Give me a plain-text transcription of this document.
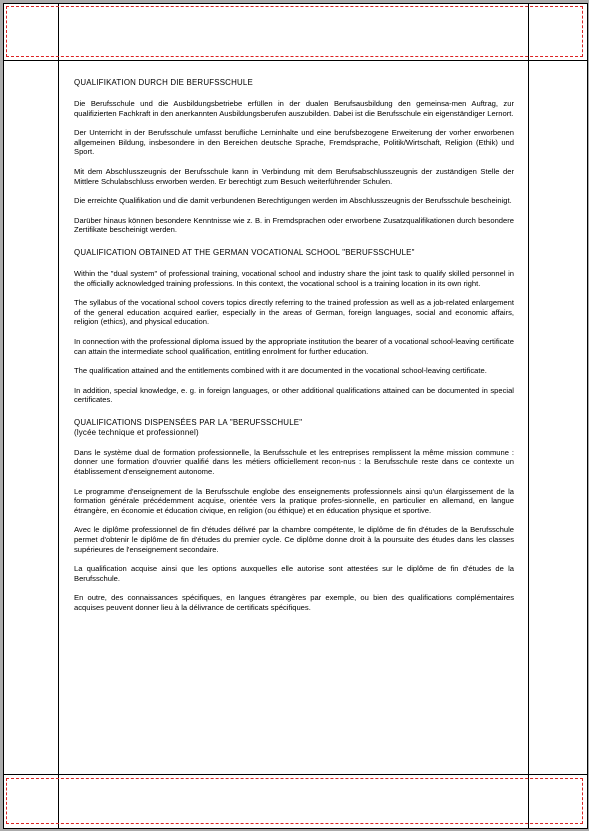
QUALIFIKATION DURCH DIE BERUFSSCHULE

Die Berufsschule und die Ausbildungsbetriebe erfüllen in der dualen Berufsausbildung den gemeinsa-men Auftrag, zur qualifizierten Fachkraft in den anerkannten Ausbildungsberufen auszubilden. Dabei ist die Berufsschule ein eigenständiger Lernort.

Der Unterricht in der Berufsschule umfasst berufliche Lerninhalte und eine berufsbezogene Erweiterung der vorher erworbenen allgemeinen Bildung, insbesondere in den Bereichen deutsche Sprache, Fremdsprache, Politik/Wirtschaft, Religion (Ethik) und Sport.

Mit dem Abschlusszeugnis der Berufsschule kann in Verbindung mit dem Berufsabschlusszeugnis der zuständigen Stelle der Mittlere Schulabschluss erworben werden. Er berechtigt zum Besuch weiterführender Schulen.

Die erreichte Qualifikation und die damit verbundenen Berechtigungen werden im Abschlusszeugnis der Berufsschule bescheinigt.

Darüber hinaus können besondere Kenntnisse wie z. B. in Fremdsprachen oder erworbene Zusatzqualifikationen durch besondere Zertifikate bescheinigt werden.

QUALIFICATION OBTAINED AT THE GERMAN VOCATIONAL SCHOOL "BERUFSSCHULE"

Within the "dual system" of professional training, vocational school and industry share the joint task to qualify skilled personnel in the officially acknowledged training professions. In this context, the vocational school is a training location in its own right.

The syllabus of the vocational school covers topics directly referring to the trained profession as well as a job-related enlargement of the general education acquired earlier, especially in the areas of German, foreign languages, social and economic affairs, religion (ethics), and physical education.

In connection with the professional diploma issued by the appropriate institution the bearer of a vocational school-leaving certificate can attain the intermediate school qualification, entitling enrolment for further education.

The qualification attained and the entitlements combined with it are documented in the vocational school-leaving certificate.

In addition, special knowledge, e. g. in foreign languages, or other additional qualifications attained can be documented in special certificates.

QUALIFICATIONS DISPENSÉES PAR LA "BERUFSSCHULE"
(lycée technique et professionnel)

Dans le système dual de formation professionnelle, la Berufsschule et les entreprises remplissent la même mission commune : donner une formation d'ouvrier qualifié dans les métiers officiellement recon-nus : la Berufsschule reste dans ce contexte un établissement d'enseignement autonome.

Le programme d'enseignement de la Berufsschule englobe des enseignements professionnels ainsi qu'un élargissement de la formation générale précédemment acquise, orientée vers la pratique profes-sionnelle, en particulier en allemand, en langue étrangère, en économie et éducation civique, en religion (ou éthique) et en éducation physique et sportive.

Avec le diplôme professionnel de fin d'études délivré par la chambre compétente, le diplôme de fin d'études de la Berufsschule permet d'obtenir le diplôme de fin d'études du premier cycle. Ce diplôme donne droit à la poursuite des études dans les classes supérieures de l'enseignement secondaire.

La qualification acquise ainsi que les options auxquelles elle autorise sont attestées sur le diplôme de fin d'études de la Berufsschule.

En outre, des connaissances spécifiques, en langues étrangères par exemple, ou bien des qualifications complémentaires acquises peuvent donner lieu à la délivrance de certificats spécifiques.
